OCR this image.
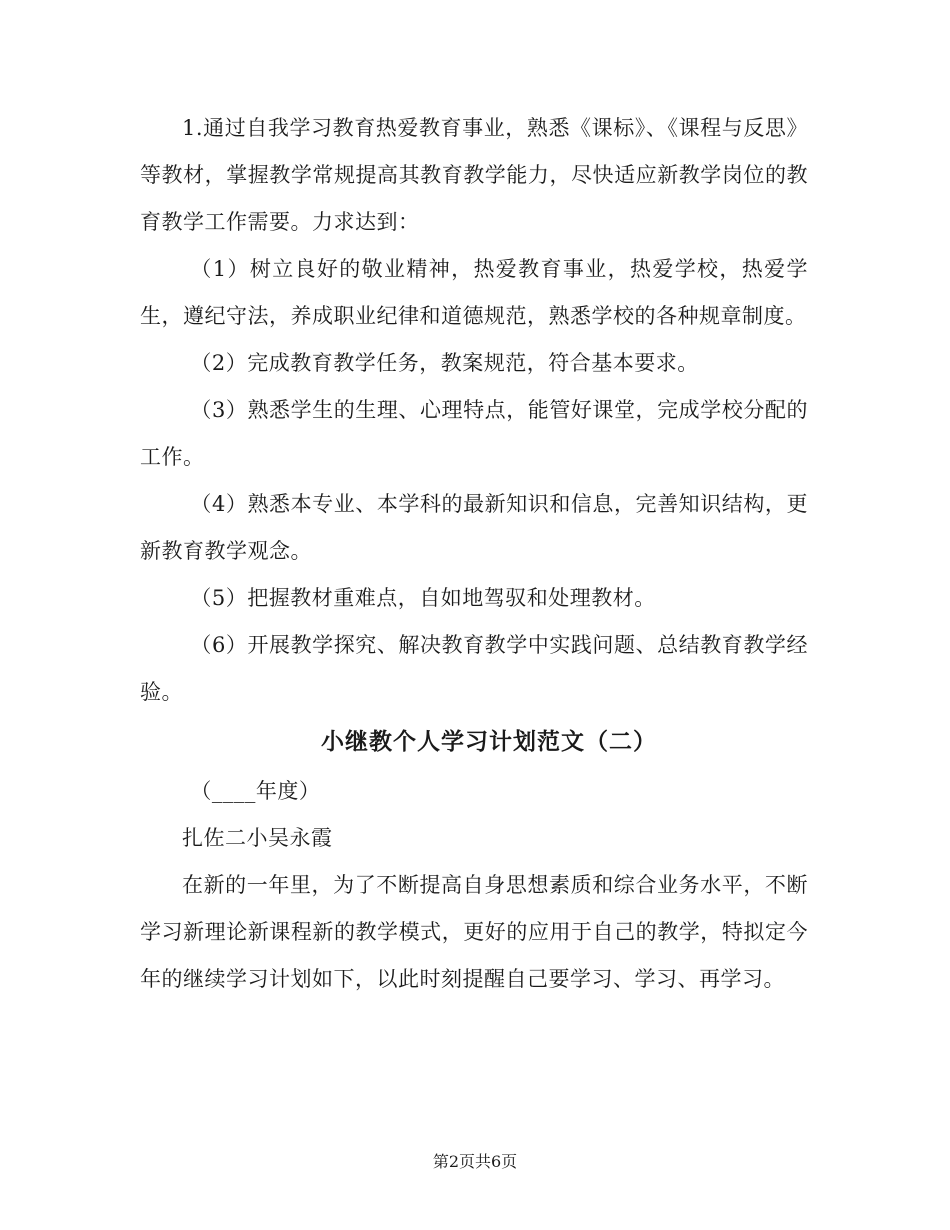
1.通过自我学习教育热爱教育事业，熟悉《课标》、《课程与反思》等教材，掌握教学常规提高其教育教学能力，尽快适应新教学岗位的教育教学工作需要。力求达到：

（1）树立良好的敬业精神，热爱教育事业，热爱学校，热爱学生，遵纪守法，养成职业纪律和道德规范，熟悉学校的各种规章制度。

（2）完成教育教学任务，教案规范，符合基本要求。

（3）熟悉学生的生理、心理特点，能管好课堂，完成学校分配的工作。

（4）熟悉本专业、本学科的最新知识和信息，完善知识结构，更新教育教学观念。

（5）把握教材重难点，自如地驾驭和处理教材。

（6）开展教学探究、解决教育教学中实践问题、总结教育教学经验。

小继教个人学习计划范文（二）

（____年度）

扎佐二小吴永霞

在新的一年里，为了不断提高自身思想素质和综合业务水平，不断学习新理论新课程新的教学模式，更好的应用于自己的教学，特拟定今年的继续学习计划如下，以此时刻提醒自己要学习、学习、再学习。

第2页共6页
